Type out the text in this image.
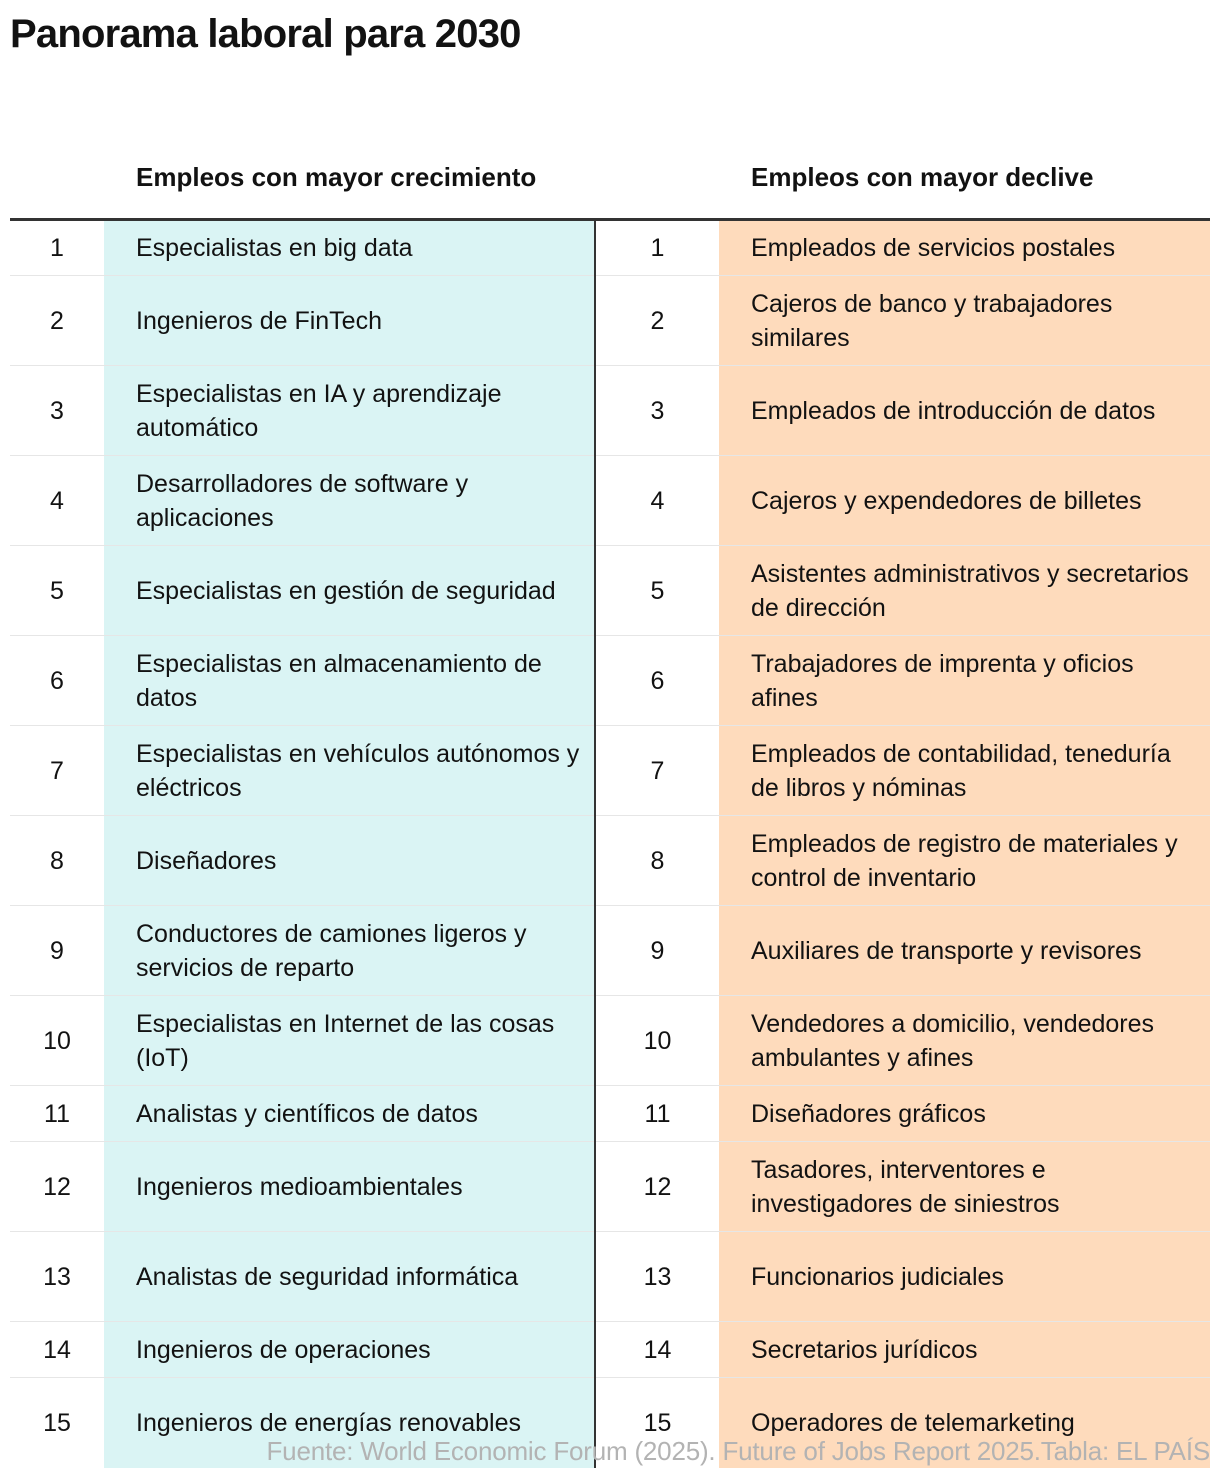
Panorama laboral para 2030
	Empleos con mayor crecimiento		Empleos con mayor declive
1	Especialistas en big data	1	Empleados de servicios postales
2	Ingenieros de FinTech	2	Cajeros de banco y trabajadores similares
3	Especialistas en IA y aprendizaje automático	3	Empleados de introducción de datos
4	Desarrolladores de software y aplicaciones	4	Cajeros y expendedores de billetes
5	Especialistas en gestión de seguridad	5	Asistentes administrativos y secretarios de dirección
6	Especialistas en almacenamiento de datos	6	Trabajadores de imprenta y oficios afines
7	Especialistas en vehículos autónomos y eléctricos	7	Empleados de contabilidad, teneduría de libros y nóminas
8	Diseñadores	8	Empleados de registro de materiales y control de inventario
9	Conductores de camiones ligeros y servicios de reparto	9	Auxiliares de transporte y revisores
10	Especialistas en Internet de las cosas (IoT)	10	Vendedores a domicilio, vendedores ambulantes y afines
11	Analistas y científicos de datos	11	Diseñadores gráficos
12	Ingenieros medioambientales	12	Tasadores, interventores e investigadores de siniestros
13	Analistas de seguridad informática	13	Funcionarios judiciales
14	Ingenieros de operaciones	14	Secretarios jurídicos
15	Ingenieros de energías renovables	15	Operadores de telemarketing
Fuente: World Economic Forum (2025). Future of Jobs Report 2025.Tabla: EL PAÍS
